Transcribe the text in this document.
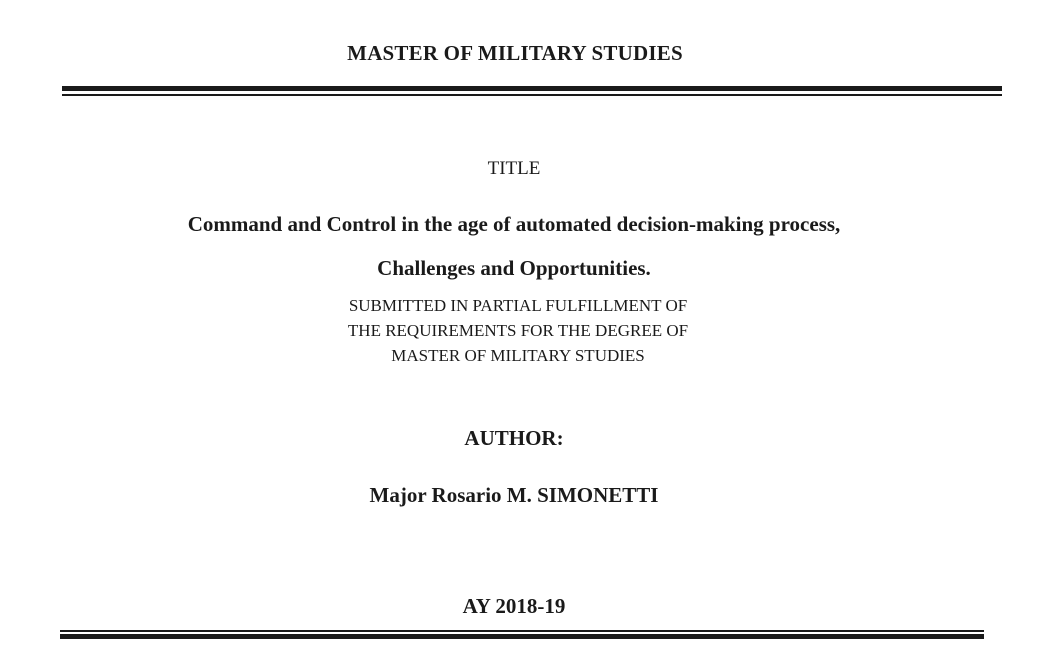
MASTER OF MILITARY STUDIES
TITLE
Command and Control in the age of automated decision-making process,
Challenges and Opportunities.
SUBMITTED IN PARTIAL FULFILLMENT OF
THE REQUIREMENTS FOR THE DEGREE OF
MASTER OF MILITARY STUDIES
AUTHOR:
Major Rosario M. SIMONETTI
AY 2018-19
